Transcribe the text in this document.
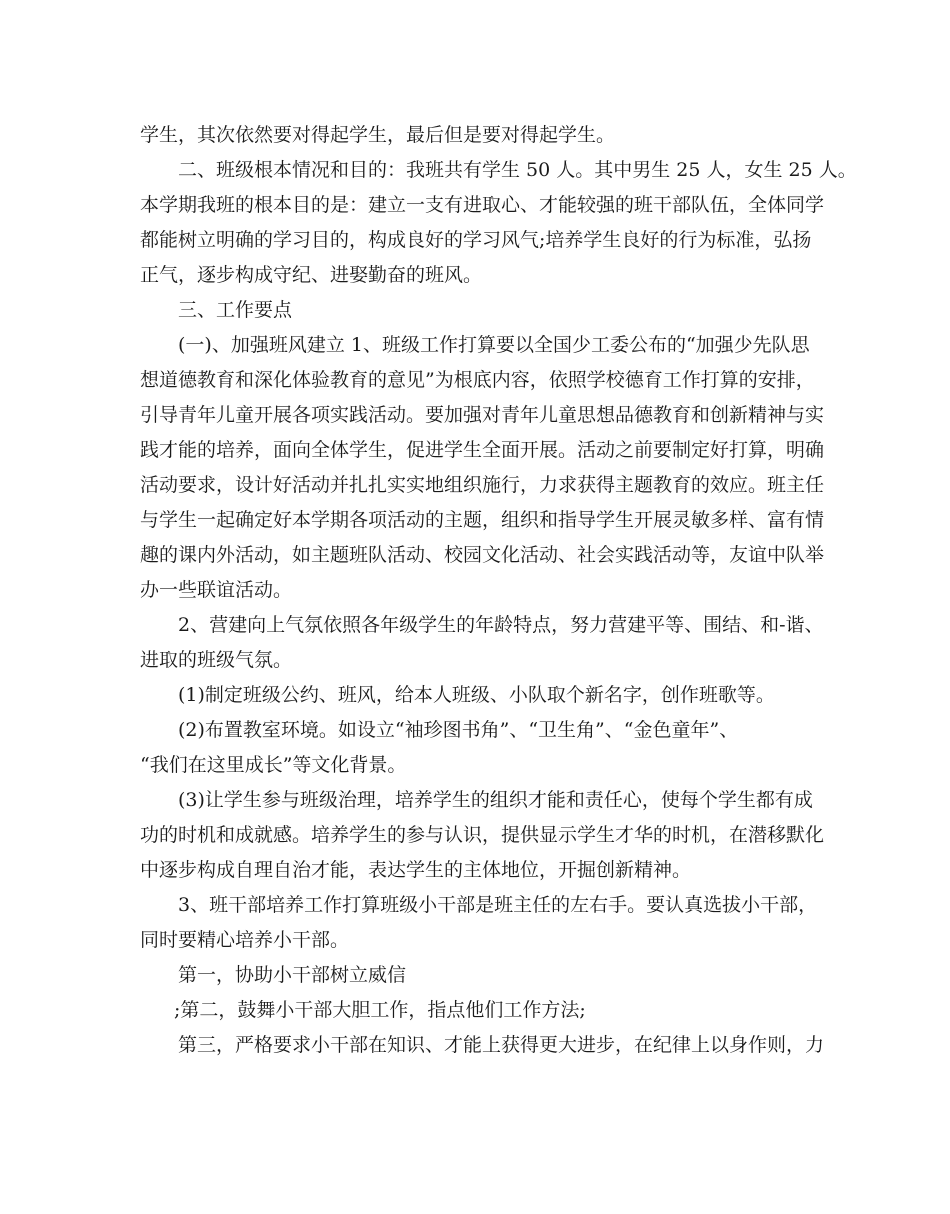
学生，其次依然要对得起学生，最后但是要对得起学生。
二、班级根本情况和目的：我班共有学生 50 人。其中男生 25 人，女生 25 人。
本学期我班的根本目的是：建立一支有进取心、才能较强的班干部队伍，全体同学
都能树立明确的学习目的，构成良好的学习风气;培养学生良好的行为标准，弘扬
正气，逐步构成守纪、进娶勤奋的班风。
三、工作要点
(一)、加强班风建立 1、班级工作打算要以全国少工委公布的“加强少先队思
想道德教育和深化体验教育的意见”为根底内容，依照学校德育工作打算的安排，
引导青年儿童开展各项实践活动。要加强对青年儿童思想品德教育和创新精神与实
践才能的培养，面向全体学生，促进学生全面开展。活动之前要制定好打算，明确
活动要求，设计好活动并扎扎实实地组织施行，力求获得主题教育的效应。班主任
与学生一起确定好本学期各项活动的主题，组织和指导学生开展灵敏多样、富有情
趣的课内外活动，如主题班队活动、校园文化活动、社会实践活动等，友谊中队举
办一些联谊活动。
2、营建向上气氛依照各年级学生的年龄特点，努力营建平等、围结、和-谐、
进取的班级气氛。
(1)制定班级公约、班风，给本人班级、小队取个新名字，创作班歌等。
(2)布置教室环境。如设立“袖珍图书角”、“卫生角”、“金色童年”、
“我们在这里成长”等文化背景。
(3)让学生参与班级治理，培养学生的组织才能和责任心，使每个学生都有成
功的时机和成就感。培养学生的参与认识，提供显示学生才华的时机，在潜移默化
中逐步构成自理自治才能，表达学生的主体地位，开掘创新精神。
3、班干部培养工作打算班级小干部是班主任的左右手。要认真选拔小干部，
同时要精心培养小干部。
第一，协助小干部树立威信
;第二，鼓舞小干部大胆工作，指点他们工作方法;
第三，严格要求小干部在知识、才能上获得更大进步，在纪律上以身作则，力
